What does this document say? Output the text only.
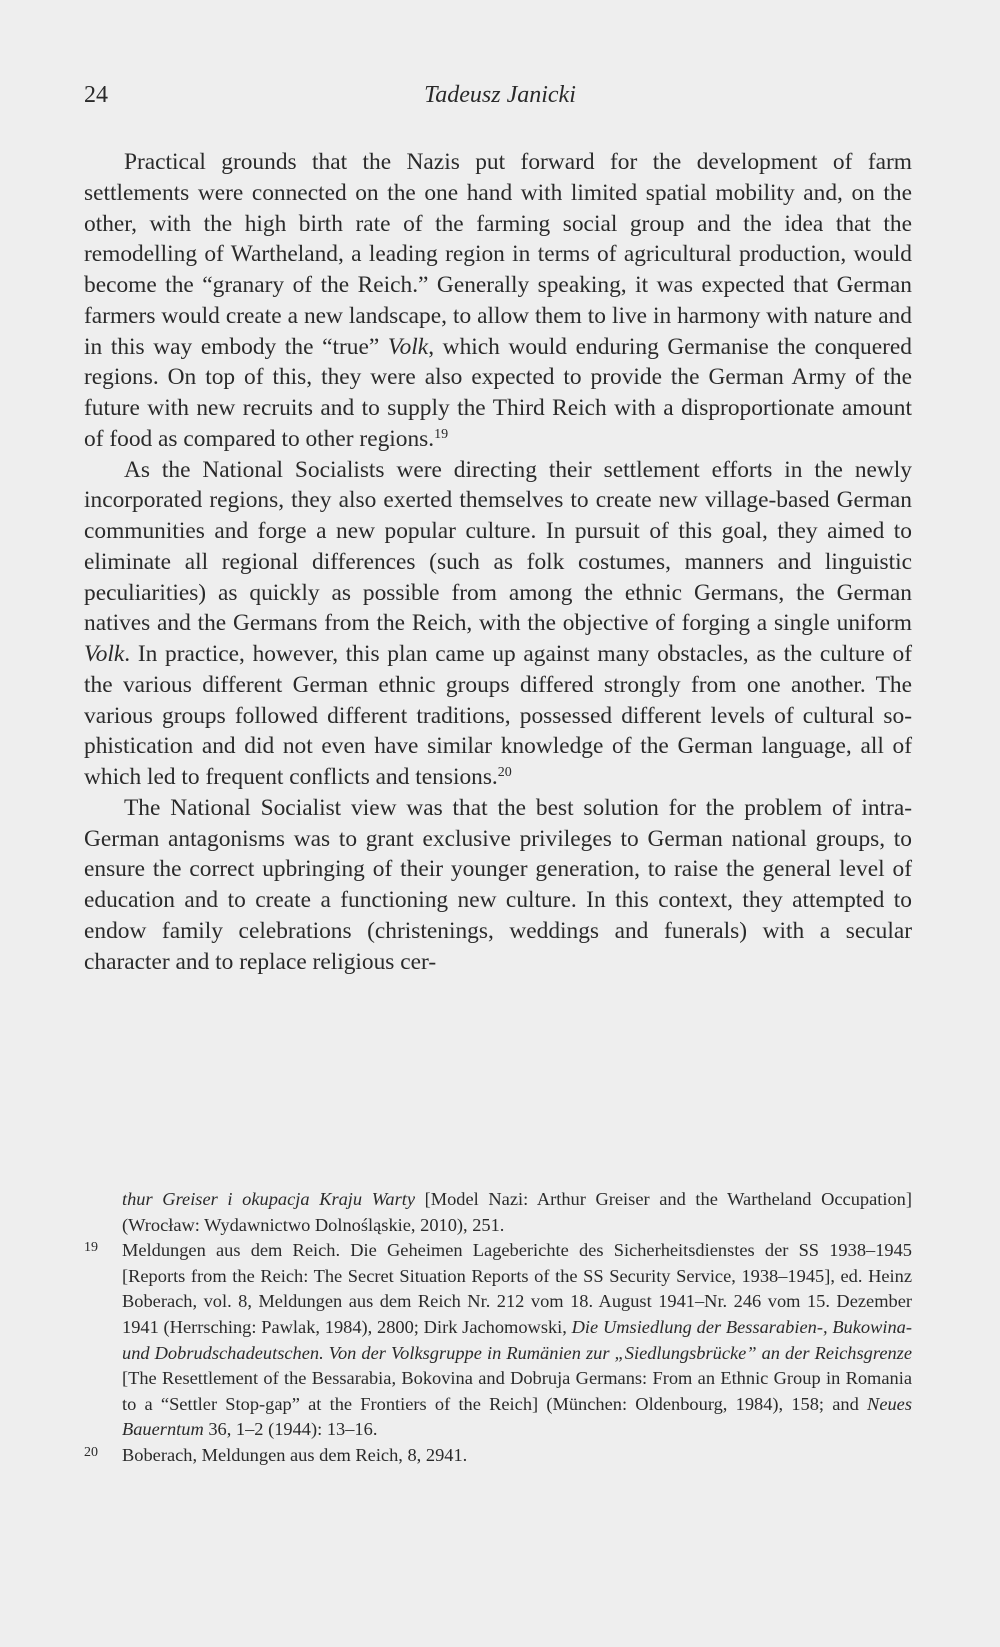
24	Tadeusz Janicki

Practical grounds that the Nazis put forward for the development of farm settlements were connected on the one hand with limited spatial mobility and, on the other, with the high birth rate of the farming social group and the idea that the remodelling of Wartheland, a leading region in terms of agricultural production, would become the “granary of the Reich.” Generally speaking, it was expected that German farmers would create a new landscape, to allow them to live in harmony with nature and in this way embody the “true” Volk, which would enduring Germanise the conquered regions. On top of this, they were also expected to provide the German Army of the future with new recruits and to supply the Third Reich with a disproportionate amount of food as compared to other regions.$^{19}$

As the National Socialists were directing their settlement efforts in the newly incorporated regions, they also exerted themselves to create new village-based German communities and forge a new popular culture. In pursuit of this goal, they aimed to eliminate all regional differences (such as folk costumes, manners and linguistic peculiarities) as quickly as possible from among the ethnic Germans, the German natives and the Germans from the Reich, with the objective of forging a single uniform Volk. In practice, however, this plan came up against many obstacles, as the culture of the various different German ethnic groups differed strongly from one another. The various groups followed different traditions, possessed different levels of cultural sophistication and did not even have similar knowledge of the German language, all of which led to frequent conflicts and tensions.$^{20}$

The National Socialist view was that the best solution for the problem of intra-German antagonisms was to grant exclusive privileges to German national groups, to ensure the correct upbringing of their younger generation, to raise the general level of education and to create a functioning new culture. In this context, they attempted to endow family celebrations (christenings, weddings and funerals) with a secular character and to replace religious cer-

thur Greiser i okupacja Kraju Warty [Model Nazi: Arthur Greiser and the Wartheland Occupation] (Wrocław: Wydawnictwo Dolnośląskie, 2010), 251.
19 Meldungen aus dem Reich. Die Geheimen Lageberichte des Sicherheitsdienstes der SS 1938–1945 [Reports from the Reich: The Secret Situation Reports of the SS Security Service, 1938–1945], ed. Heinz Boberach, vol. 8, Meldungen aus dem Reich Nr. 212 vom 18. August 1941–Nr. 246 vom 15. Dezember 1941 (Herrsching: Pawlak, 1984), 2800; Dirk Jachomowski, Die Umsiedlung der Bessarabien-, Bukowina- und Dobrudschadeutschen. Von der Volksgruppe in Rumänien zur „Siedlungsbrücke” an der Reichsgrenze [The Resettlement of the Bessarabia, Bokovina and Dobruja Germans: From an Ethnic Group in Romania to a “Settler Stop-gap” at the Frontiers of the Reich] (München: Oldenbourg, 1984), 158; and Neues Bauerntum 36, 1–2 (1944): 13–16.
20 Boberach, Meldungen aus dem Reich, 8, 2941.
